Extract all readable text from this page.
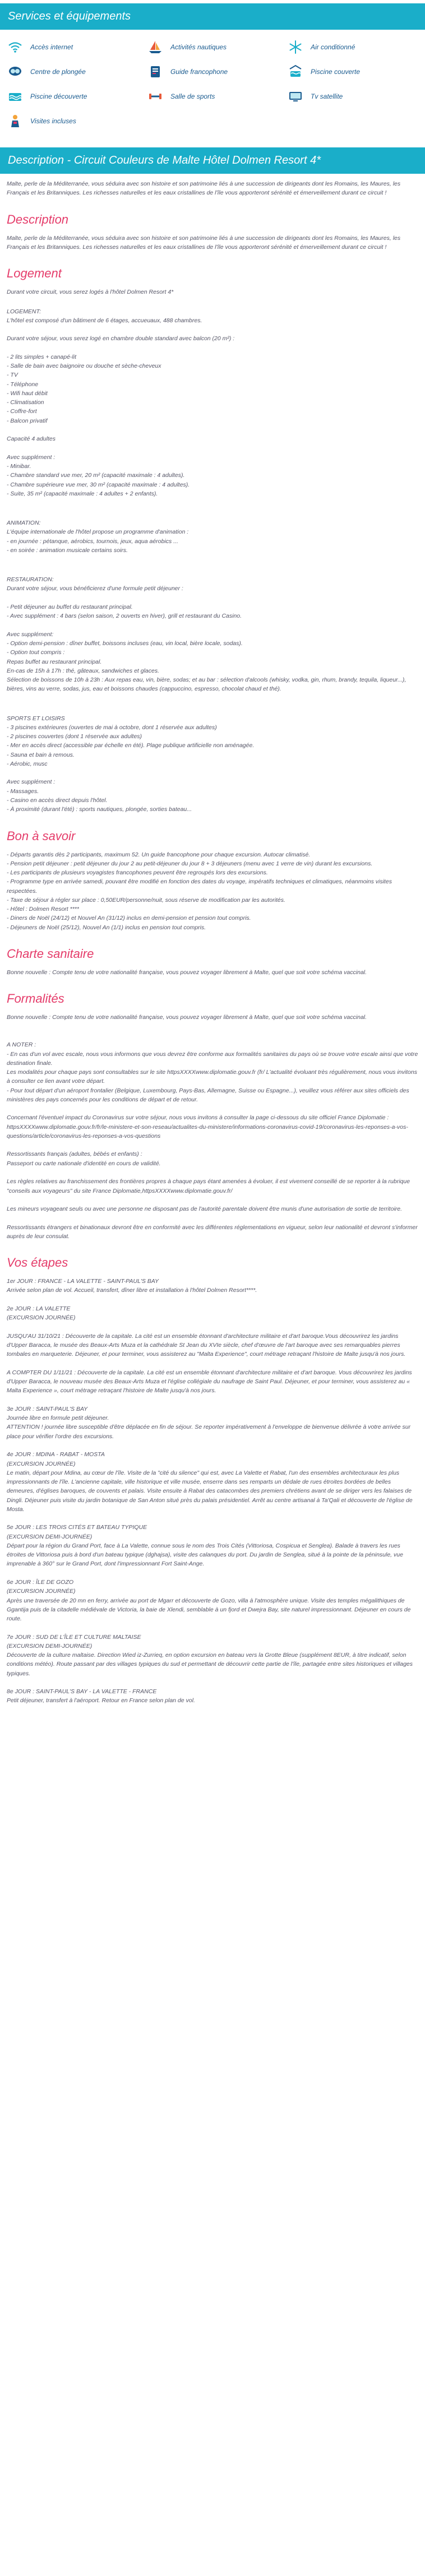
Services et équipements
Accès internet	Activités nautiques	Air conditionné
Centre de plongée	Guide francophone	Piscine couverte
Piscine découverte	Salle de sports	Tv satellite
Visites incluses
Description - Circuit Couleurs de Malte Hôtel Dolmen Resort 4*

Malte, perle de la Méditerranée, vous séduira avec son histoire et son patrimoine liés à une succession de dirigeants dont les Romains, les Maures, les Français et les Britanniques. Les richesses naturelles et les eaux cristallines de l'île vous apporteront sérénité et émerveillement durant ce circuit !

Description

Malte, perle de la Méditerranée, vous séduira avec son histoire et son patrimoine liés à une succession de dirigeants dont les Romains, les Maures, les Français et les Britanniques. Les richesses naturelles et les eaux cristallines de l'île vous apporteront sérénité et émerveillement durant ce circuit !

Logement

Durant votre circuit, vous serez logés à l'hôtel Dolmen Resort 4*

LOGEMENT:
L'hôtel est composé d'un bâtiment de 6 étages, accueuaux, 488 chambres.

Durant votre séjour, vous serez logé en chambre double standard avec balcon (20 m²) :

- 2 lits simples + canapé-lit
- Salle de bain avec baignoire ou douche et sèche-cheveux
- TV
- Téléphone
- Wifi haut débit
- Climatisation
- Coffre-fort
- Balcon privatif

Capacité 4 adultes

Avec supplément :
- Minibar.
- Chambre standard vue mer, 20 m² (capacité maximale : 4 adultes).
- Chambre supérieure vue mer, 30 m² (capacité maximale : 4 adultes).
- Suite, 35 m² (capacité maximale : 4 adultes + 2 enfants).

ANIMATION:
L'équipe internationale de l'hôtel propose un programme d'animation :
- en journée : pétanque, aérobics, tournois, jeux, aqua aérobics ...
- en soirée : animation musicale certains soirs.

RESTAURATION:
Durant votre séjour, vous bénéficierez d'une formule petit déjeuner :

- Petit déjeuner au buffet du restaurant principal.
- Avec supplément : 4 bars (selon saison, 2 ouverts en hiver), grill et restaurant du Casino.

Avec supplément:
- Option demi-pension : dîner buffet, boissons incluses (eau, vin local, bière locale, sodas).
- Option tout compris :
Repas buffet au restaurant principal.
En-cas de 15h à 17h : thé, gâteaux, sandwiches et glaces.
Sélection de boissons de 10h à 23h : Aux repas eau, vin, bière, sodas; et au bar : sélection d'alcools (whisky, vodka, gin, rhum, brandy, tequila, liqueur...), bières, vins au verre, sodas, jus, eau et boissons chaudes (cappuccino, espresso, chocolat chaud et thé).

SPORTS ET LOISIRS
- 3 piscines extérieures (ouvertes de mai à octobre, dont 1 réservée aux adultes)
- 2 piscines couvertes (dont 1 réservée aux adultes)
- Mer en accès direct (accessible par échelle en été). Plage publique artificielle non aménagée.
- Sauna et bain à remous.
- Aérobic, musc

Avec supplément :
- Massages.
- Casino en accès direct depuis l'hôtel.
- À proximité (durant l'été) : sports nautiques, plongée, sorties bateau...

Bon à savoir

- Départs garantis dès 2 participants, maximum 52. Un guide francophone pour chaque excursion. Autocar climatisé.
- Pension petit déjeuner : petit déjeuner du jour 2 au petit-déjeuner du jour 8 + 3 déjeuners (menu avec 1 verre de vin) durant les excursions.
- Les participants de plusieurs voyagistes francophones peuvent être regroupés lors des excursions.
- Programme type en arrivée samedi, pouvant être modifié en fonction des dates du voyage, impératifs techniques et climatiques, néanmoins visites respectées.
- Taxe de séjour à régler sur place : 0,50EUR/personne/nuit, sous réserve de modification par les autorités.
- Hôtel : Dolmen Resort ****
- Diners de Noël (24/12) et Nouvel An (31/12) inclus en demi-pension et pension tout compris.
- Déjeuners de Noël (25/12), Nouvel An (1/1) inclus en pension tout compris.

Charte sanitaire

Bonne nouvelle : Compte tenu de votre nationalité française, vous pouvez voyager librement à Malte, quel que soit votre schéma vaccinal.

Formalités

Bonne nouvelle : Compte tenu de votre nationalité française, vous pouvez voyager librement à Malte, quel que soit votre schéma vaccinal.

A NOTER :
- En cas d'un vol avec escale, nous vous informons que vous devrez être conforme aux formalités sanitaires du pays où se trouve votre escale ainsi que votre destination finale.
Les modalités pour chaque pays sont consultables sur le site httpsXXXXwww.diplomatie.gouv.fr (fr/ L'actualité évoluant très régulièrement, nous vous invitons à consulter ce lien avant votre départ.
- Pour tout départ d'un aéroport frontalier (Belgique, Luxembourg, Pays-Bas, Allemagne, Suisse ou Espagne...), veuillez vous référer aux sites officiels des ministères des pays concernés pour les conditions de départ et de retour.

Concernant l'éventuel impact du Coronavirus sur votre séjour, nous vous invitons à consulter la page ci-dessous du site officiel France Diplomatie :
httpsXXXXwww.diplomatie.gouv.fr/fr/le-ministere-et-son-reseau/actualites-du-ministere/informations-coronavirus-covid-19/coronavirus-les-reponses-a-vos-questions/article/coronavirus-les-reponses-a-vos-questions

Ressortissants français (adultes, bébés et enfants) :
Passeport ou carte nationale d'identité en cours de validité.

Les règles relatives au franchissement des frontières propres à chaque pays étant amenées à évoluer, il est vivement conseillé de se reporter à la rubrique "conseils aux voyageurs" du site France Diplomatie,httpsXXXXwww.diplomatie.gouv.fr/

Les mineurs voyageant seuls ou avec une personne ne disposant pas de l'autorité parentale doivent être munis d'une autorisation de sortie de territoire.

Ressortissants étrangers et binationaux devront être en conformité avec les différentes réglementations en vigueur, selon leur nationalité et devront s'informer auprès de leur consulat.

Vos étapes

1er JOUR : FRANCE - LA VALETTE - SAINT-PAUL'S BAY
Arrivée selon plan de vol. Accueil, transfert, dîner libre et installation à l'hôtel Dolmen Resort****.

2e JOUR : LA VALETTE
(EXCURSION JOURNÉE)

JUSQU'AU 31/10/21 : Découverte de la capitale. La cité est un ensemble étonnant d'architecture militaire et d'art baroque.Vous découvrirez les jardins d'Upper Baracca, le musée des Beaux-Arts Muza et la cathédrale St Jean du XVIe siècle, chef d'œuvre de l'art baroque avec ses remarquables pierres tombales en marqueterie. Déjeuner, et pour terminer, vous assisterez au "Malta Experience", court métrage retraçant l'histoire de Malte jusqu'à nos jours.

A COMPTER DU 1/11/21 : Découverte de la capitale. La cité est un ensemble étonnant d'architecture militaire et d'art baroque. Vous découvrirez les jardins d'Upper Baracca, le nouveau musée des Beaux-Arts Muza et l'église collégiale du naufrage de Saint Paul. Déjeuner, et pour terminer, vous assisterez au « Malta Experience », court métrage retraçant l'histoire de Malte jusqu'à nos jours.

3e JOUR : SAINT-PAUL'S BAY
Journée libre en formule petit déjeuner.
ATTENTION ! journée libre susceptible d'être déplacée en fin de séjour. Se reporter impérativement à l'enveloppe de bienvenue délivrée à votre arrivée sur place pour vérifier l'ordre des excursions.

4e JOUR : MDINA - RABAT - MOSTA
(EXCURSION JOURNÉE)
Le matin, départ pour Mdina, au cœur de l'île. Visite de la "cité du silence" qui est, avec La Valette et Rabat, l'un des ensembles architecturaux les plus impressionnants de l'île. L'ancienne capitale, ville historique et ville musée, enserre dans ses remparts un dédale de rues étroites bordées de belles demeures, d'églises baroques, de couvents et palais. Visite ensuite à Rabat des catacombes des premiers chrétiens avant de se diriger vers les falaises de Dingli. Déjeuner puis visite du jardin botanique de San Anton situé près du palais présidentiel. Arrêt au centre artisanal à Ta'Qali et découverte de l'église de Mosta.

5e JOUR : LES TROIS CITÉS ET BATEAU TYPIQUE
(EXCURSION DEMI-JOURNÉE)
Départ pour la région du Grand Port, face à La Valette, connue sous le nom des Trois Cités (Vittoriosa, Cospicua et Senglea). Balade à travers les rues étroites de Vittoriosa puis à bord d'un bateau typique (dghajsa), visite des calanques du port. Du jardin de Senglea, situé à la pointe de la péninsule, vue imprenable à 360° sur le Grand Port, dont l'impressionnant Fort Saint-Ange.

6e JOUR : ÎLE DE GOZO
(EXCURSION JOURNÉE)
Après une traversée de 20 mn en ferry, arrivée au port de Mgarr et découverte de Gozo, villa à l'atmosphère unique. Visite des temples mégalithiques de Ggantija puis de la citadelle médiévale de Victoria, la baie de Xlendi, semblable à un fjord et Dwejra Bay, site naturel impressionnant. Déjeuner en cours de route.

7e JOUR : SUD DE L'ÎLE ET CULTURE MALTAISE
(EXCURSION DEMI-JOURNÉE)
Découverte de la culture maltaise. Direction Wied iz-Zurrieq, en option excursion en bateau vers la Grotte Bleue (supplément 8EUR, à titre indicatif, selon conditions météo). Route passant par des villages typiques du sud et permettant de découvrir cette partie de l'île, partagée entre sites historiques et villages typiques.

8e JOUR : SAINT-PAUL'S BAY - LA VALETTE - FRANCE
Petit déjeuner, transfert à l'aéroport. Retour en France selon plan de vol.
